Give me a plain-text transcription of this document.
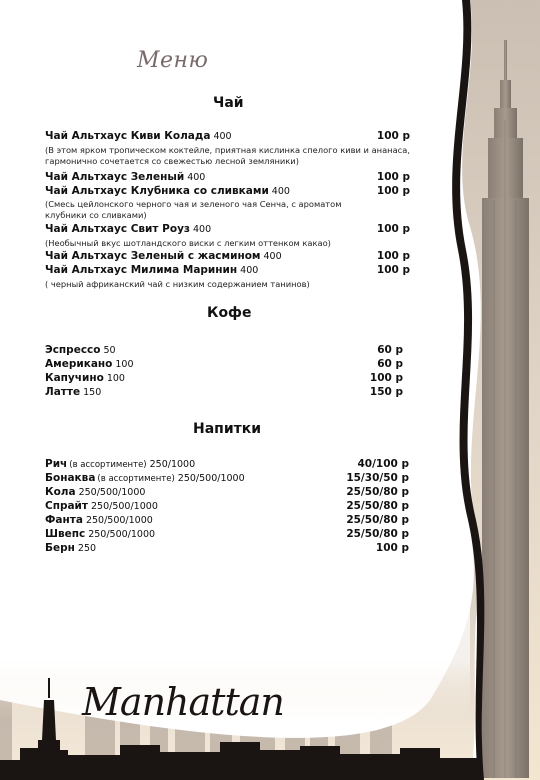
Меню
Чай
Чай Альтхаус Киви Колада 400	100 р
(В этом ярком тропическом коктейле, приятная кислинка спелого киви и ананаса, гармонично сочетается со свежестью лесной земляники)
Чай Альтхаус Зеленый 400	100 р
Чай Альтхаус Клубника со сливками 400	100 р
(Смесь цейлонского черного чая и зеленого чая Сенча, с ароматом клубники со сливками)
Чай Альтхаус Свит Роуз 400	100 р
(Необычный вкус шотландского виски с легким оттенком какао)
Чай Альтхаус Зеленый с жасмином 400	100 р
Чай Альтхаус Милима Маринин 400	100 р
( черный африканский чай с низким содержанием танинов)
Кофе
Эспрессо 50	60 р
Американо 100	60 р
Капучино 100	100 р
Латте 150	150 р
Напитки
Рич (в ассортименте) 250/1000	40/100 р
Бонаква (в ассортименте) 250/500/1000	15/30/50 р
Кола 250/500/1000	25/50/80 р
Спрайт 250/500/1000	25/50/80 р
Фанта 250/500/1000	25/50/80 р
Швепс 250/500/1000	25/50/80 р
Берн 250	100 р
Manhattan
